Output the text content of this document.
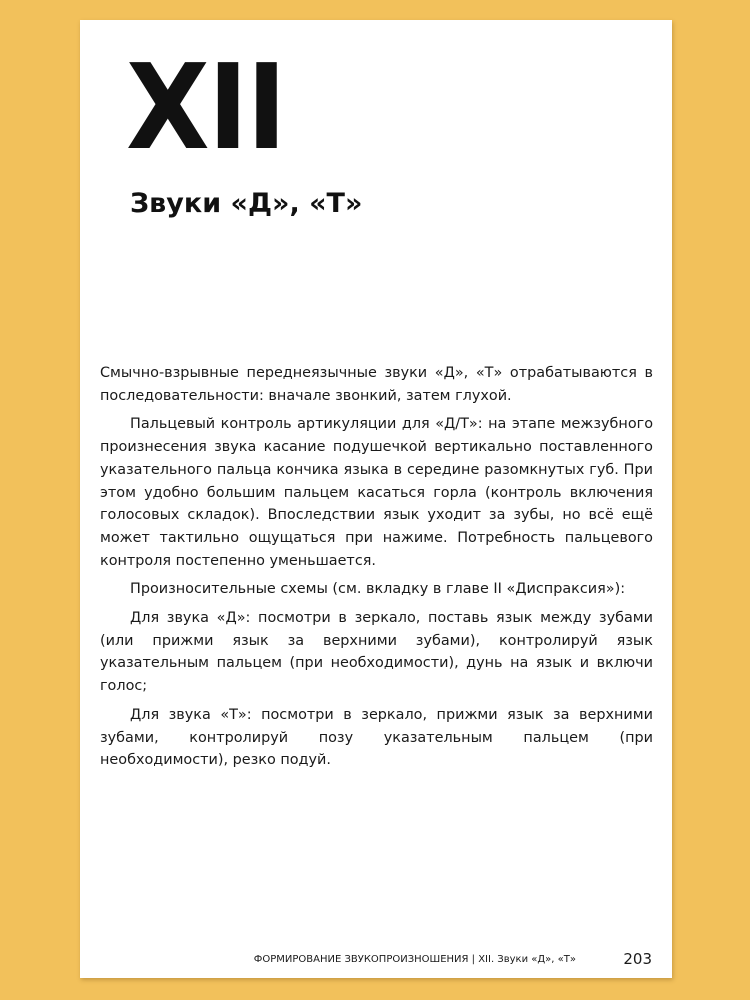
XII
Звуки «Д», «Т»

Смычно-взрывные переднеязычные звуки «Д», «Т» отрабатываются в последовательности: вначале звонкий, затем глухой.

Пальцевый контроль артикуляции для «Д/Т»: на этапе межзубного произнесения звука касание подушечкой вертикально поставленного указательного пальца кончика языка в середине разомкнутых губ. При этом удобно большим пальцем касаться горла (контроль включения голосовых складок). Впоследствии язык уходит за зубы, но всё ещё может тактильно ощущаться при нажиме. Потребность пальцевого контроля постепенно уменьшается.

Произносительные схемы (см. вкладку в главе II «Диспраксия»):

Для звука «Д»: посмотри в зеркало, поставь язык между зубами (или прижми язык за верхними зубами), контролируй язык указательным пальцем (при необходимости), дунь на язык и включи голос;

Для звука «Т»: посмотри в зеркало, прижми язык за верхними зубами, контролируй позу указательным пальцем (при необходимости), резко подуй.

ФОРМИРОВАНИЕ ЗВУКОПРОИЗНОШЕНИЯ | XII. Звуки «Д», «Т»	203
